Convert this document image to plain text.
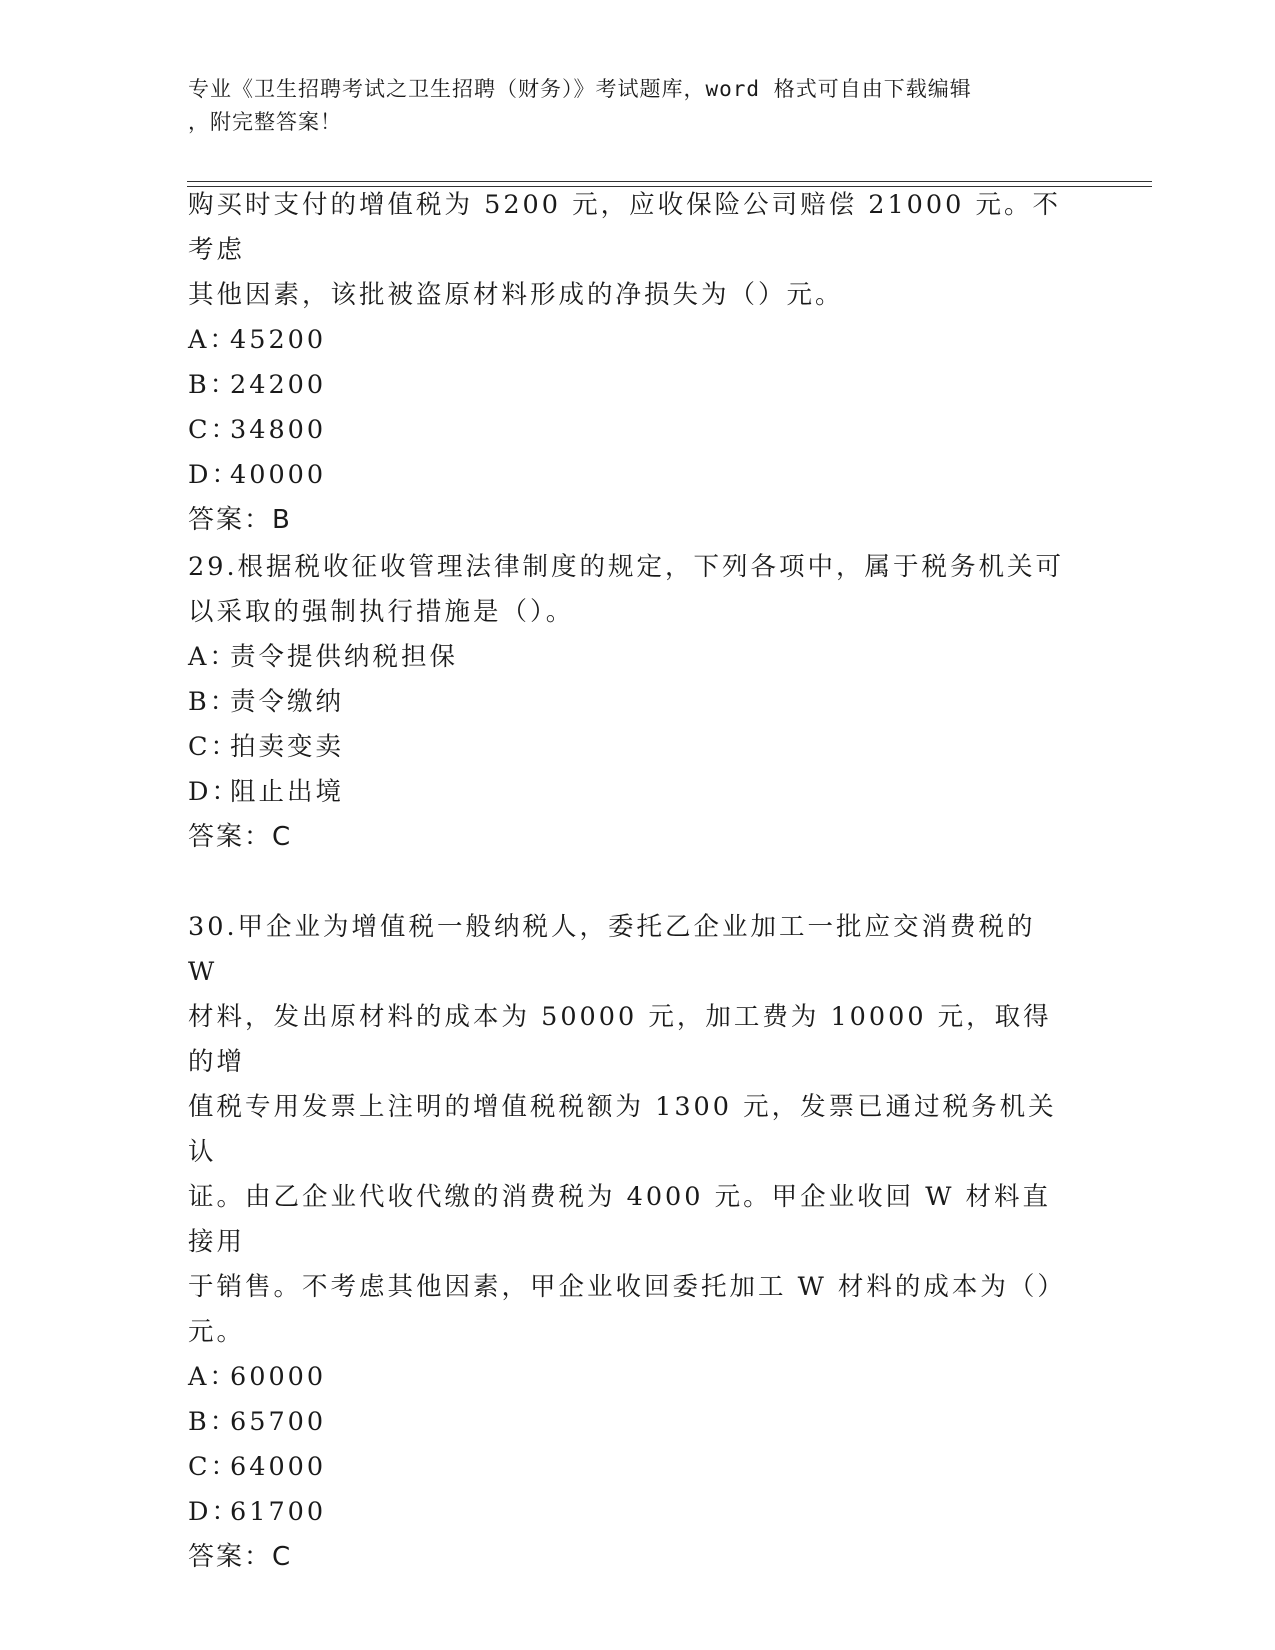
专业《卫生招聘考试之卫生招聘（财务）》考试题库，word 格式可自由下载编辑
，附完整答案！
购买时支付的增值税为 5200 元，应收保险公司赔偿 21000 元。不考虑
其他因素，该批被盗原材料形成的净损失为（）元。
A：45200
B：24200
C：34800
D：40000
答案：B
29.根据税收征收管理法律制度的规定，下列各项中，属于税务机关可
以采取的强制执行措施是（）。
A：责令提供纳税担保
B：责令缴纳
C：拍卖变卖
D：阻止出境
答案：C
30.甲企业为增值税一般纳税人，委托乙企业加工一批应交消费税的 W
材料，发出原材料的成本为 50000 元，加工费为 10000 元，取得的增
值税专用发票上注明的增值税税额为 1300 元，发票已通过税务机关认
证。由乙企业代收代缴的消费税为 4000 元。甲企业收回 W 材料直接用
于销售。不考虑其他因素，甲企业收回委托加工 W 材料的成本为（）
元。
A：60000
B：65700
C：64000
D：61700
答案：C
